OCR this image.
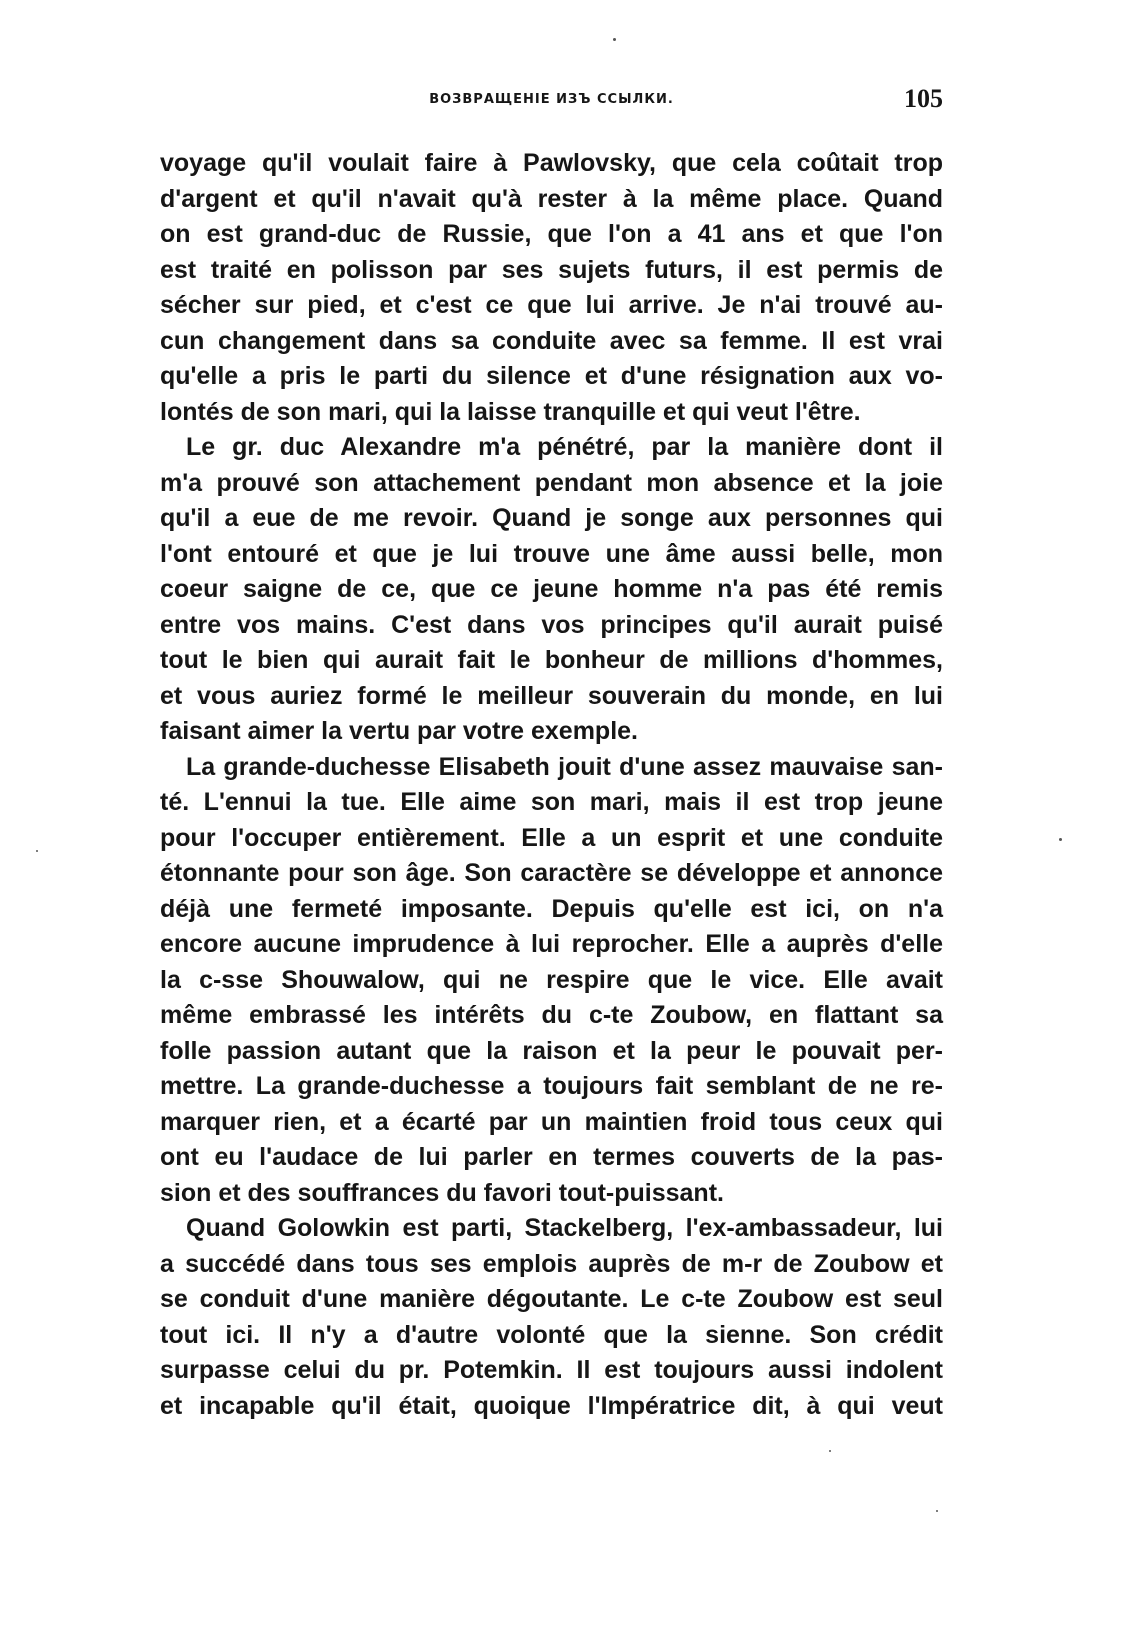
ВОЗВРАЩЕНІЕ ИЗЪ ССЫЛКИ.	105
voyage qu'il voulait faire à Pawlovsky, que cela coûtait trop
d'argent et qu'il n'avait qu'à rester à la même place. Quand
on est grand-duc de Russie, que l'on a 41 ans et que l'on
est traité en polisson par ses sujets futurs, il est permis de
sécher sur pied, et c'est ce que lui arrive. Je n'ai trouvé au-
cun changement dans sa conduite avec sa femme. Il est vrai
qu'elle a pris le parti du silence et d'une résignation aux vo-
lontés de son mari, qui la laisse tranquille et qui veut l'être.
Le gr. duc Alexandre m'a pénétré, par la manière dont il
m'a prouvé son attachement pendant mon absence et la joie
qu'il a eue de me revoir. Quand je songe aux personnes qui
l'ont entouré et que je lui trouve une âme aussi belle, mon
coeur saigne de ce, que ce jeune homme n'a pas été remis
entre vos mains. C'est dans vos principes qu'il aurait puisé
tout le bien qui aurait fait le bonheur de millions d'hommes,
et vous auriez formé le meilleur souverain du monde, en lui
faisant aimer la vertu par votre exemple.
La grande-duchesse Elisabeth jouit d'une assez mauvaise san-
té. L'ennui la tue. Elle aime son mari, mais il est trop jeune
pour l'occuper entièrement. Elle a un esprit et une conduite
étonnante pour son âge. Son caractère se développe et annonce
déjà une fermeté imposante. Depuis qu'elle est ici, on n'a
encore aucune imprudence à lui reprocher. Elle a auprès d'elle
la c-sse Shouwalow, qui ne respire que le vice. Elle avait
même embrassé les intérêts du c-te Zoubow, en flattant sa
folle passion autant que la raison et la peur le pouvait per-
mettre. La grande-duchesse a toujours fait semblant de ne re-
marquer rien, et a écarté par un maintien froid tous ceux qui
ont eu l'audace de lui parler en termes couverts de la pas-
sion et des souffrances du favori tout-puissant.
Quand Golowkin est parti, Stackelberg, l'ex-ambassadeur, lui
a succédé dans tous ses emplois auprès de m-r de Zoubow et
se conduit d'une manière dégoutante. Le c-te Zoubow est seul
tout ici. Il n'y a d'autre volonté que la sienne. Son crédit
surpasse celui du pr. Potemkin. Il est toujours aussi indolent
et incapable qu'il était, quoique l'Impératrice dit, à qui veut
